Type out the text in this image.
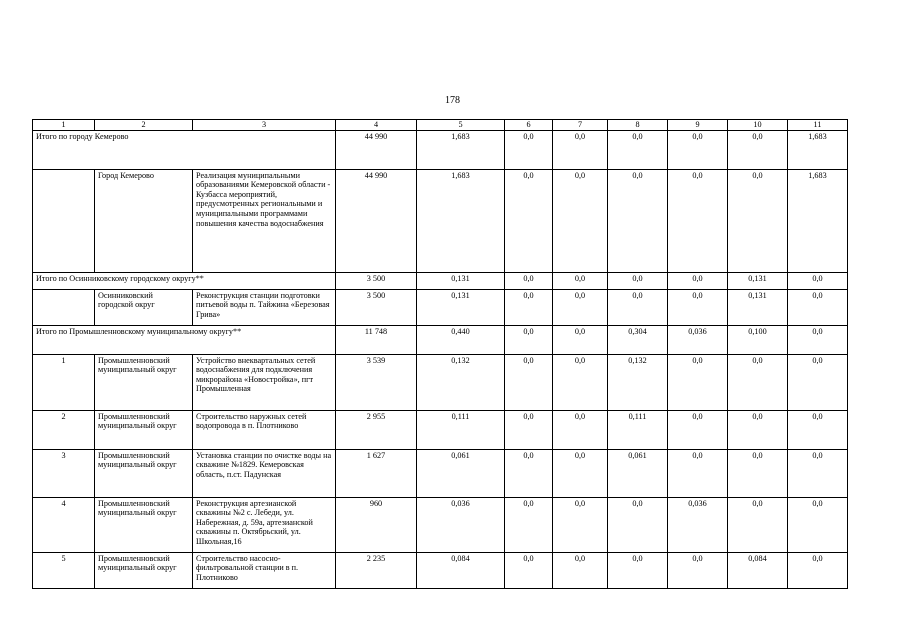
178
1	2	3	4	5	6	7	8	9	10	11
Итого по городу Кемерово			44 990	1,683	0,0	0,0	0,0	0,0	0,0	1,683
	Город Кемерово	Реализация муниципальными образованиями Кемеровской области - Кузбасса мероприятий, предусмотренных региональными и муниципальными программами повышения качества водоснабжения	44 990	1,683	0,0	0,0	0,0	0,0	0,0	1,683
Итого по Осинниковскому городскому округу**			3 500	0,131	0,0	0,0	0,0	0,0	0,131	0,0
	Осинниковский городской округ	Реконструкция станции подготовки питьевой воды п. Тайжина «Березовая Грива»	3 500	0,131	0,0	0,0	0,0	0,0	0,131	0,0
Итого по Промышленновскому муниципальному округу**			11 748	0,440	0,0	0,0	0,304	0,036	0,100	0,0
1	Промышленновский муниципальный округ	Устройство внеквартальных сетей водоснабжения для подключения микрорайона «Новостройка», пгт Промышленная	3 539	0,132	0,0	0,0	0,132	0,0	0,0	0,0
2	Промышленновский муниципальный округ	Строительство наружных сетей водопровода в п. Плотниково	2 955	0,111	0,0	0,0	0,111	0,0	0,0	0,0
3	Промышленновский муниципальный округ	Установка станции по очистке воды на скважине №1829. Кемеровская область, п.ст. Падунская	1 627	0,061	0,0	0,0	0,061	0,0	0,0	0,0
4	Промышленновский муниципальный округ	Реконструкция артезианской скважины №2 с. Лебеди, ул. Набережная, д. 59а, артезианской скважины п. Октябрьский, ул. Школьная,16	960	0,036	0,0	0,0	0,0	0,036	0,0	0,0
5	Промышленновский муниципальный округ	Строительство насосно-фильтровальной станции в п. Плотниково	2 235	0,084	0,0	0,0	0,0	0,0	0,084	0,0
